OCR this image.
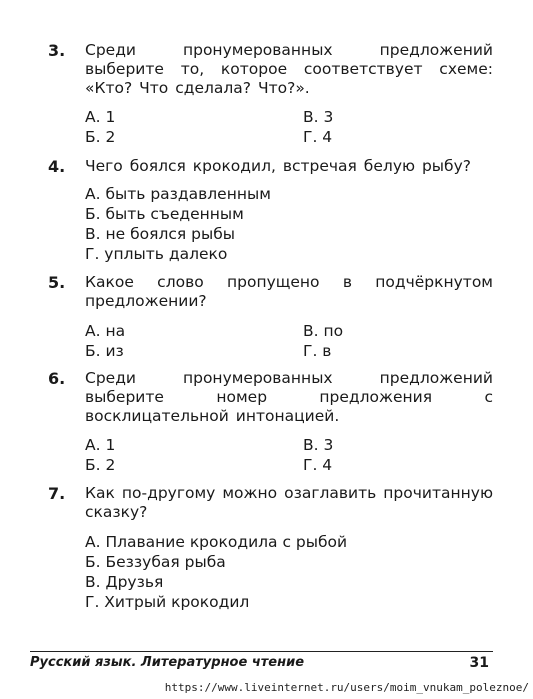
3. Среди пронумерованных предложений выберите то, которое соответствует схеме: «Кто? Что сделала? Что?».
А. 1	В. 3
Б. 2	Г. 4
4. Чего боялся крокодил, встречая белую рыбу?
А. быть раздавленным
Б. быть съеденным
В. не боялся рыбы
Г. уплыть далеко
5. Какое слово пропущено в подчёркнутом предложении?
А. на	В. по
Б. из	Г. в
6. Среди пронумерованных предложений выберите номер предложения с восклицательной интонацией.
А. 1	В. 3
Б. 2	Г. 4
7. Как по-другому можно озаглавить прочитанную сказку?
А. Плавание крокодила с рыбой
Б. Беззубая рыба
В. Друзья
Г. Хитрый крокодил
Русский язык. Литературное чтение	31
https://www.liveinternet.ru/users/moim_vnukam_poleznoe/
